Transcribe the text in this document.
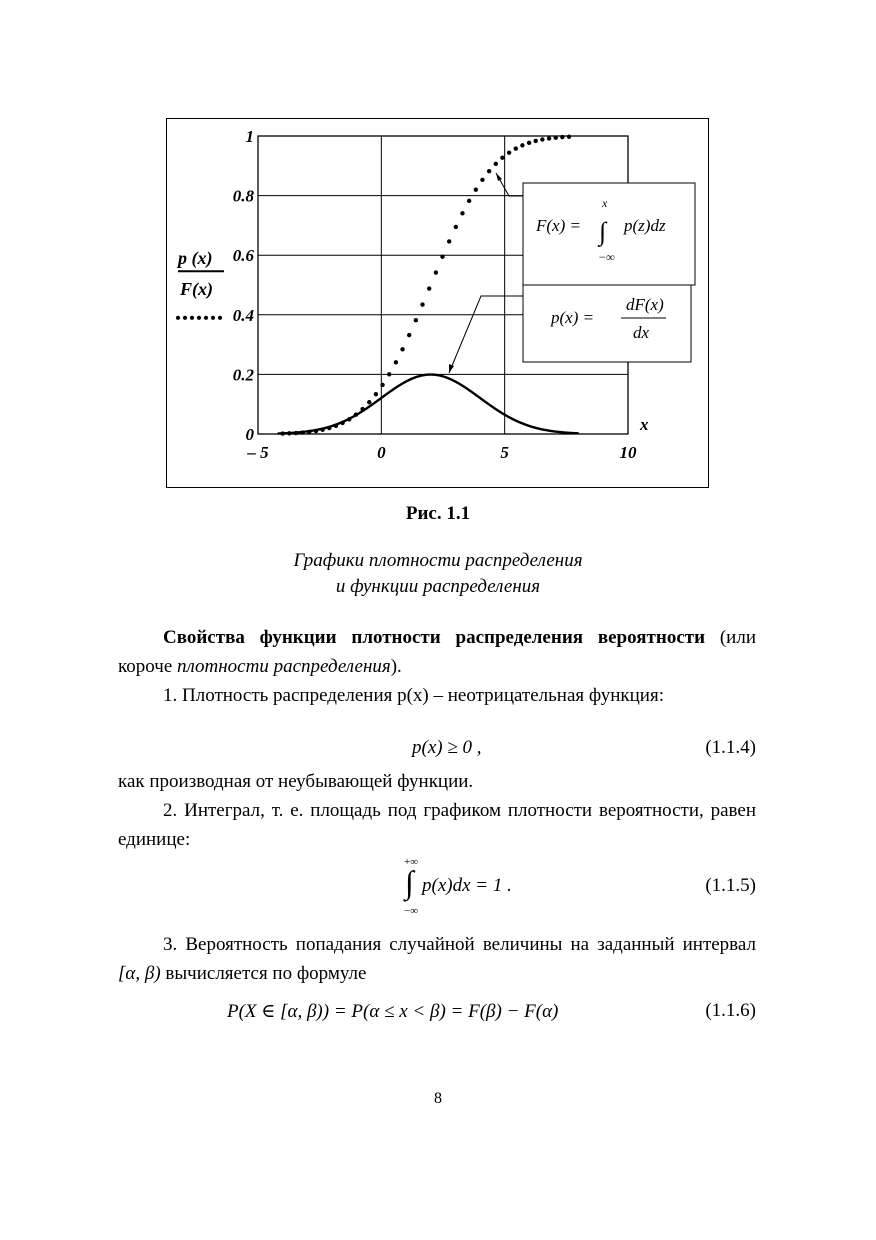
0
0.2
0.4
0.6
0.8
1
– 5	0	5	10
x
p (x)
F(x)
F(x) =
x
∫
−∞
p(z)dz
p(x) =
dF(x)
dx
Рис. 1.1
Графики плотности распределения
и функции распределения

Свойства функции плотности распределения вероятности (или короче плотности распределения).

1. Плотность распределения p(x) – неотрицательная функция:

p(x) ≥ 0 ,	(1.1.4)

как производная от неубывающей функции.

2. Интеграл, т. е. площадь под графиком плотности вероятности, равен единице:

+∞
∫
−∞
p(x)dx = 1 .	(1.1.5)

3. Вероятность попадания случайной величины на заданный интервал [α, β) вычисляется по формуле

P(X ∈ [α, β)) = P(α ≤ x < β) = F(β) − F(α)	(1.1.6)
8
